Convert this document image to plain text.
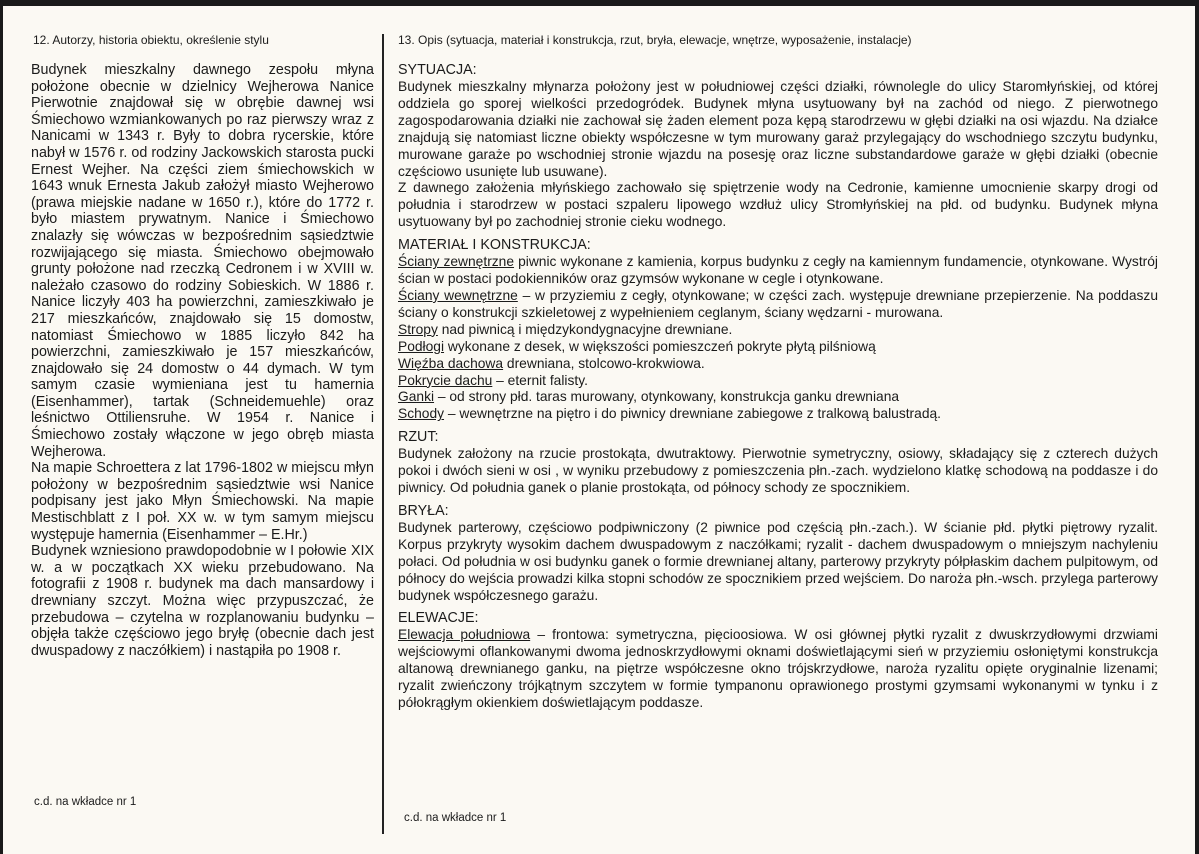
12. Autorzy, historia obiektu, określenie stylu

Budynek mieszkalny dawnego zespołu młyna położone obecnie w dzielnicy Wejherowa Nanice Pierwotnie znajdował się w obrębie dawnej wsi Śmiechowo wzmiankowanych po raz pierwszy wraz z Nanicami w 1343 r. Były to dobra rycerskie, które nabył w 1576 r. od rodziny Jackowskich starosta pucki Ernest Wejher. Na części ziem śmiechowskich w 1643 wnuk Ernesta Jakub założył miasto Wejherowo (prawa miejskie nadane w 1650 r.), które do 1772 r. było miastem prywatnym. Nanice i Śmiechowo znalazły się wówczas w bezpośrednim sąsiedztwie rozwijającego się miasta. Śmiechowo obejmowało grunty położone nad rzeczką Cedronem i w XVIII w. należało czasowo do rodziny Sobieskich. W 1886 r. Nanice liczyły 403 ha powierzchni, zamieszkiwało je 217 mieszkańców, znajdowało się 15 domostw, natomiast Śmiechowo w 1885 liczyło 842 ha powierzchni, zamieszkiwało je 157 mieszkańców, znajdowało się 24 domostw o 44 dymach. W tym samym czasie wymieniana jest tu hamernia (Eisenhammer), tartak (Schneidemuehle) oraz leśnictwo Ottiliensruhe. W 1954 r. Nanice i Śmiechowo zostały włączone w jego obręb miasta Wejherowa.

Na mapie Schroettera z lat 1796-1802 w miejscu młyn położony w bezpośrednim sąsiedztwie wsi Nanice podpisany jest jako Młyn Śmiechowski. Na mapie Mestischblatt z I poł. XX w. w tym samym miejscu występuje hamernia (Eisenhammer – E.Hr.)

Budynek wzniesiono prawdopodobnie w I połowie XIX w. a w początkach XX wieku przebudowano. Na fotografii z 1908 r. budynek ma dach mansardowy i drewniany szczyt. Można więc przypuszczać, że przebudowa – czytelna w rozplanowaniu budynku – objęła także częściowo jego bryłę (obecnie dach jest dwuspadowy z naczółkiem) i nastąpiła po 1908 r.

c.d. na wkładce nr 1
13. Opis (sytuacja, materiał i konstrukcja, rzut, bryła, elewacje, wnętrze, wyposażenie, instalacje)
SYTUACJA:

Budynek mieszkalny młynarza położony jest w południowej części działki, równolegle do ulicy Staromłyńskiej, od której oddziela go sporej wielkości przedogródek. Budynek młyna usytuowany był na zachód od niego. Z pierwotnego zagospodarowania działki nie zachował się żaden element poza kępą starodrzewu w głębi działki na osi wjazdu. Na działce znajdują się natomiast liczne obiekty współczesne w tym murowany garaż przylegający do wschodniego szczytu budynku, murowane garaże po wschodniej stronie wjazdu na posesję oraz liczne substandardowe garaże w głębi działki (obecnie częściowo usunięte lub usuwane).

Z dawnego założenia młyńskiego zachowało się spiętrzenie wody na Cedronie, kamienne umocnienie skarpy drogi od południa i starodrzew w postaci szpaleru lipowego wzdłuż ulicy Stromłyńskiej na płd. od budynku. Budynek młyna usytuowany był po zachodniej stronie cieku wodnego.

MATERIAŁ I KONSTRUKCJA:

Ściany zewnętrzne piwnic wykonane z kamienia, korpus budynku z cegły na kamiennym fundamencie, otynkowane. Wystrój ścian w postaci podokienników oraz gzymsów wykonane w cegle i otynkowane.

Ściany wewnętrzne – w przyziemiu z cegły, otynkowane; w części zach. występuje drewniane przepierzenie. Na poddaszu ściany o konstrukcji szkieletowej z wypełnieniem ceglanym, ściany wędzarni - murowana.

Stropy nad piwnicą i międzykondygnacyjne drewniane.

Podłogi wykonane z desek, w większości pomieszczeń pokryte płytą pilśniową

Więźba dachowa drewniana, stolcowo-krokwiowa.

Pokrycie dachu – eternit falisty.

Ganki – od strony płd. taras murowany, otynkowany, konstrukcja ganku drewniana

Schody – wewnętrzne na piętro i do piwnicy drewniane zabiegowe z tralkową balustradą.

RZUT:

Budynek założony na rzucie prostokąta, dwutraktowy. Pierwotnie symetryczny, osiowy, składający się z czterech dużych pokoi i dwóch sieni w osi , w wyniku przebudowy z pomieszczenia płn.-zach. wydzielono klatkę schodową na poddasze i do piwnicy. Od południa ganek o planie prostokąta, od północy schody ze spocznikiem.

BRYŁA:

Budynek parterowy, częściowo podpiwniczony (2 piwnice pod częścią płn.-zach.). W ścianie płd. płytki piętrowy ryzalit. Korpus przykryty wysokim dachem dwuspadowym z naczółkami; ryzalit - dachem dwuspadowym o mniejszym nachyleniu połaci. Od południa w osi budynku ganek o formie drewnianej altany, parterowy przykryty półpłaskim dachem pulpitowym, od północy do wejścia prowadzi kilka stopni schodów ze spocznikiem przed wejściem. Do naroża płn.-wsch. przylega parterowy budynek współczesnego garażu.

ELEWACJE:

Elewacja południowa – frontowa: symetryczna, pięcioosiowa. W osi głównej płytki ryzalit z dwuskrzydłowymi drzwiami wejściowymi oflankowanymi dwoma jednoskrzydłowymi oknami doświetlającymi sień w przyziemiu osłoniętymi konstrukcja altanową drewnianego ganku, na piętrze współczesne okno trójskrzydłowe, naroża ryzalitu opięte oryginalnie lizenami; ryzalit zwieńczony trójkątnym szczytem w formie tympanonu oprawionego prostymi gzymsami wykonanymi w tynku i z półokrągłym okienkiem doświetlającym poddasze.

c.d. na wkładce nr 1
